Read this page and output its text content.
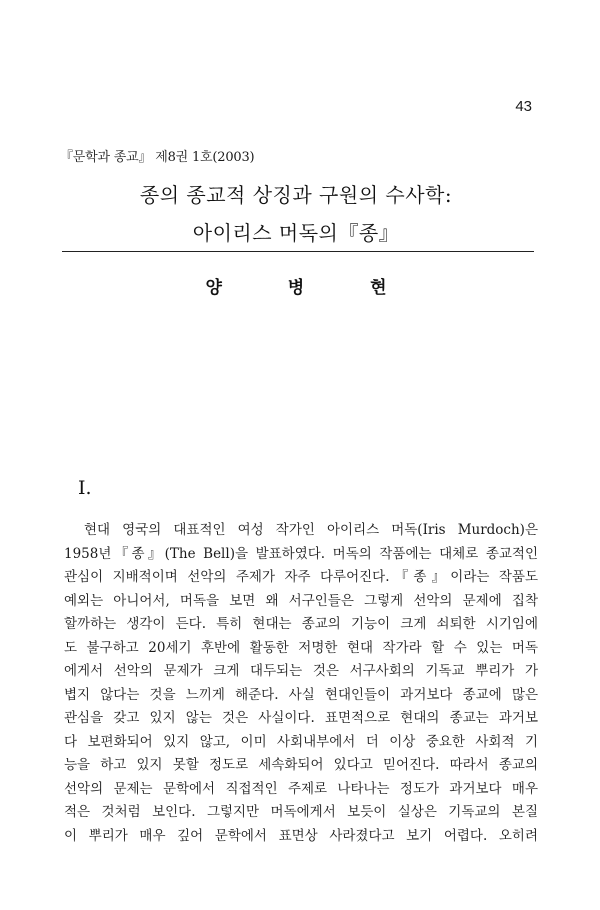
43
『문학과 종교』 제8권 1호(2003)
종의 종교적 상징과 구원의 수사학:
아이리스 머독의『종』
양 병 현
I.
현대 영국의 대표적인 여성 작가인 아이리스 머독(Iris Murdoch)은
1958년『종』(The Bell)을 발표하였다. 머독의 작품에는 대체로 종교적인
관심이 지배적이며 선악의 주제가 자주 다루어진다.『종』이라는 작품도
예외는 아니어서, 머독을 보면 왜 서구인들은 그렇게 선악의 문제에 집착
할까하는 생각이 든다. 특히 현대는 종교의 기능이 크게 쇠퇴한 시기임에
도 불구하고 20세기 후반에 활동한 저명한 현대 작가라 할 수 있는 머독
에게서 선악의 문제가 크게 대두되는 것은 서구사회의 기독교 뿌리가 가
볍지 않다는 것을 느끼게 해준다. 사실 현대인들이 과거보다 종교에 많은
관심을 갖고 있지 않는 것은 사실이다. 표면적으로 현대의 종교는 과거보
다 보편화되어 있지 않고, 이미 사회내부에서 더 이상 중요한 사회적 기
능을 하고 있지 못할 정도로 세속화되어 있다고 믿어진다. 따라서 종교의
선악의 문제는 문학에서 직접적인 주제로 나타나는 정도가 과거보다 매우
적은 것처럼 보인다. 그렇지만 머독에게서 보듯이 실상은 기독교의 본질
이 뿌리가 매우 깊어 문학에서 표면상 사라졌다고 보기 어렵다. 오히려
